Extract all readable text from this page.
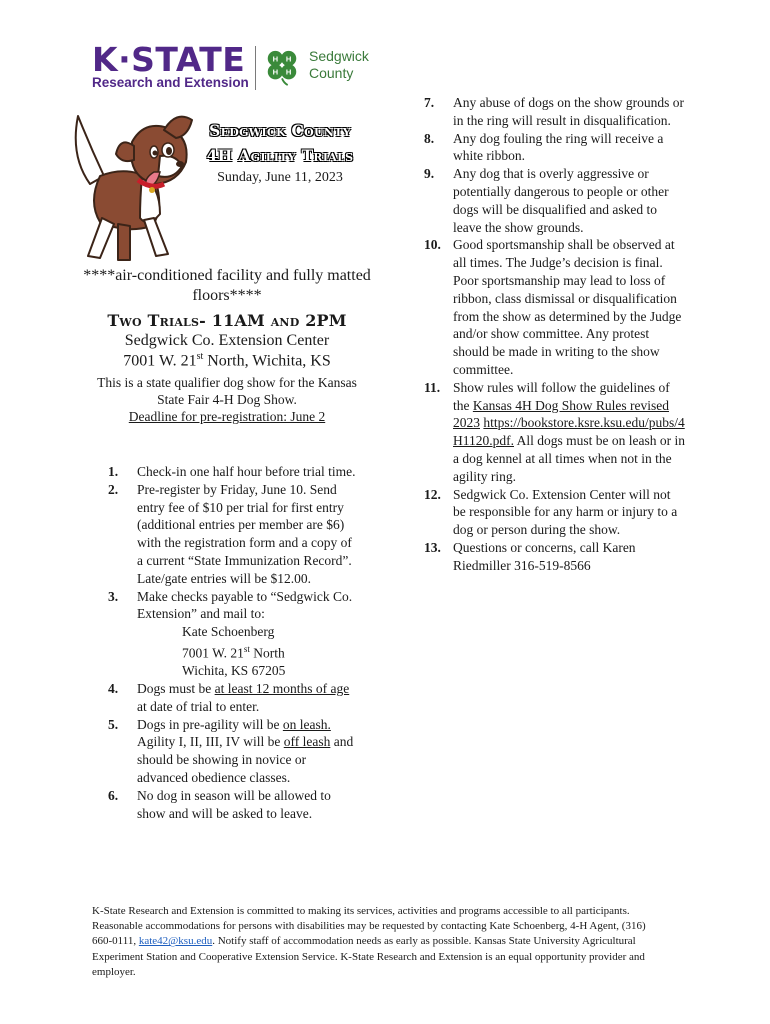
K·STATE
Research and Extension
H H
H H
Sedgwick
County
Sedgwick County
4H Agility Trials
Sunday, June 11, 2023
****air-conditioned facility and fully matted floors****
Two Trials- 11AM and 2PM
Sedgwick Co. Extension Center
7001 W. 21st North, Wichita, KS
This is a state qualifier dog show for the Kansas State Fair 4-H Dog Show.
Deadline for pre-registration: June 2
1. Check-in one half hour before trial time.
2. Pre-register by Friday, June 10. Send entry fee of $10 per trial for first entry (additional entries per member are $6) with the registration form and a copy of a current “State Immunization Record”. Late/gate entries will be $12.00.
3. Make checks payable to “Sedgwick Co. Extension” and mail to:
Kate Schoenberg
7001 W. 21st North
Wichita, KS 67205
4. Dogs must be at least 12 months of age at date of trial to enter.
5. Dogs in pre-agility will be on leash. Agility I, II, III, IV will be off leash and should be showing in novice or advanced obedience classes.
6. No dog in season will be allowed to show and will be asked to leave.
7. Any abuse of dogs on the show grounds or in the ring will result in disqualification.
8. Any dog fouling the ring will receive a white ribbon.
9. Any dog that is overly aggressive or potentially dangerous to people or other dogs will be disqualified and asked to leave the show grounds.
10. Good sportsmanship shall be observed at all times. The Judge’s decision is final. Poor sportsmanship may lead to loss of ribbon, class dismissal or disqualification from the show as determined by the Judge and/or show committee. Any protest should be made in writing to the show committee.
11. Show rules will follow the guidelines of the Kansas 4H Dog Show Rules revised 2023 https://bookstore.ksre.ksu.edu/pubs/4H1120.pdf. All dogs must be on leash or in a dog kennel at all times when not in the agility ring.
12. Sedgwick Co. Extension Center will not be responsible for any harm or injury to a dog or person during the show.
13. Questions or concerns, call Karen Riedmiller 316-519-8566
K-State Research and Extension is committed to making its services, activities and programs accessible to all participants. Reasonable accommodations for persons with disabilities may be requested by contacting Kate Schoenberg, 4-H Agent, (316) 660-0111, kate42@ksu.edu. Notify staff of accommodation needs as early as possible. Kansas State University Agricultural Experiment Station and Cooperative Extension Service. K-State Research and Extension is an equal opportunity provider and employer.
